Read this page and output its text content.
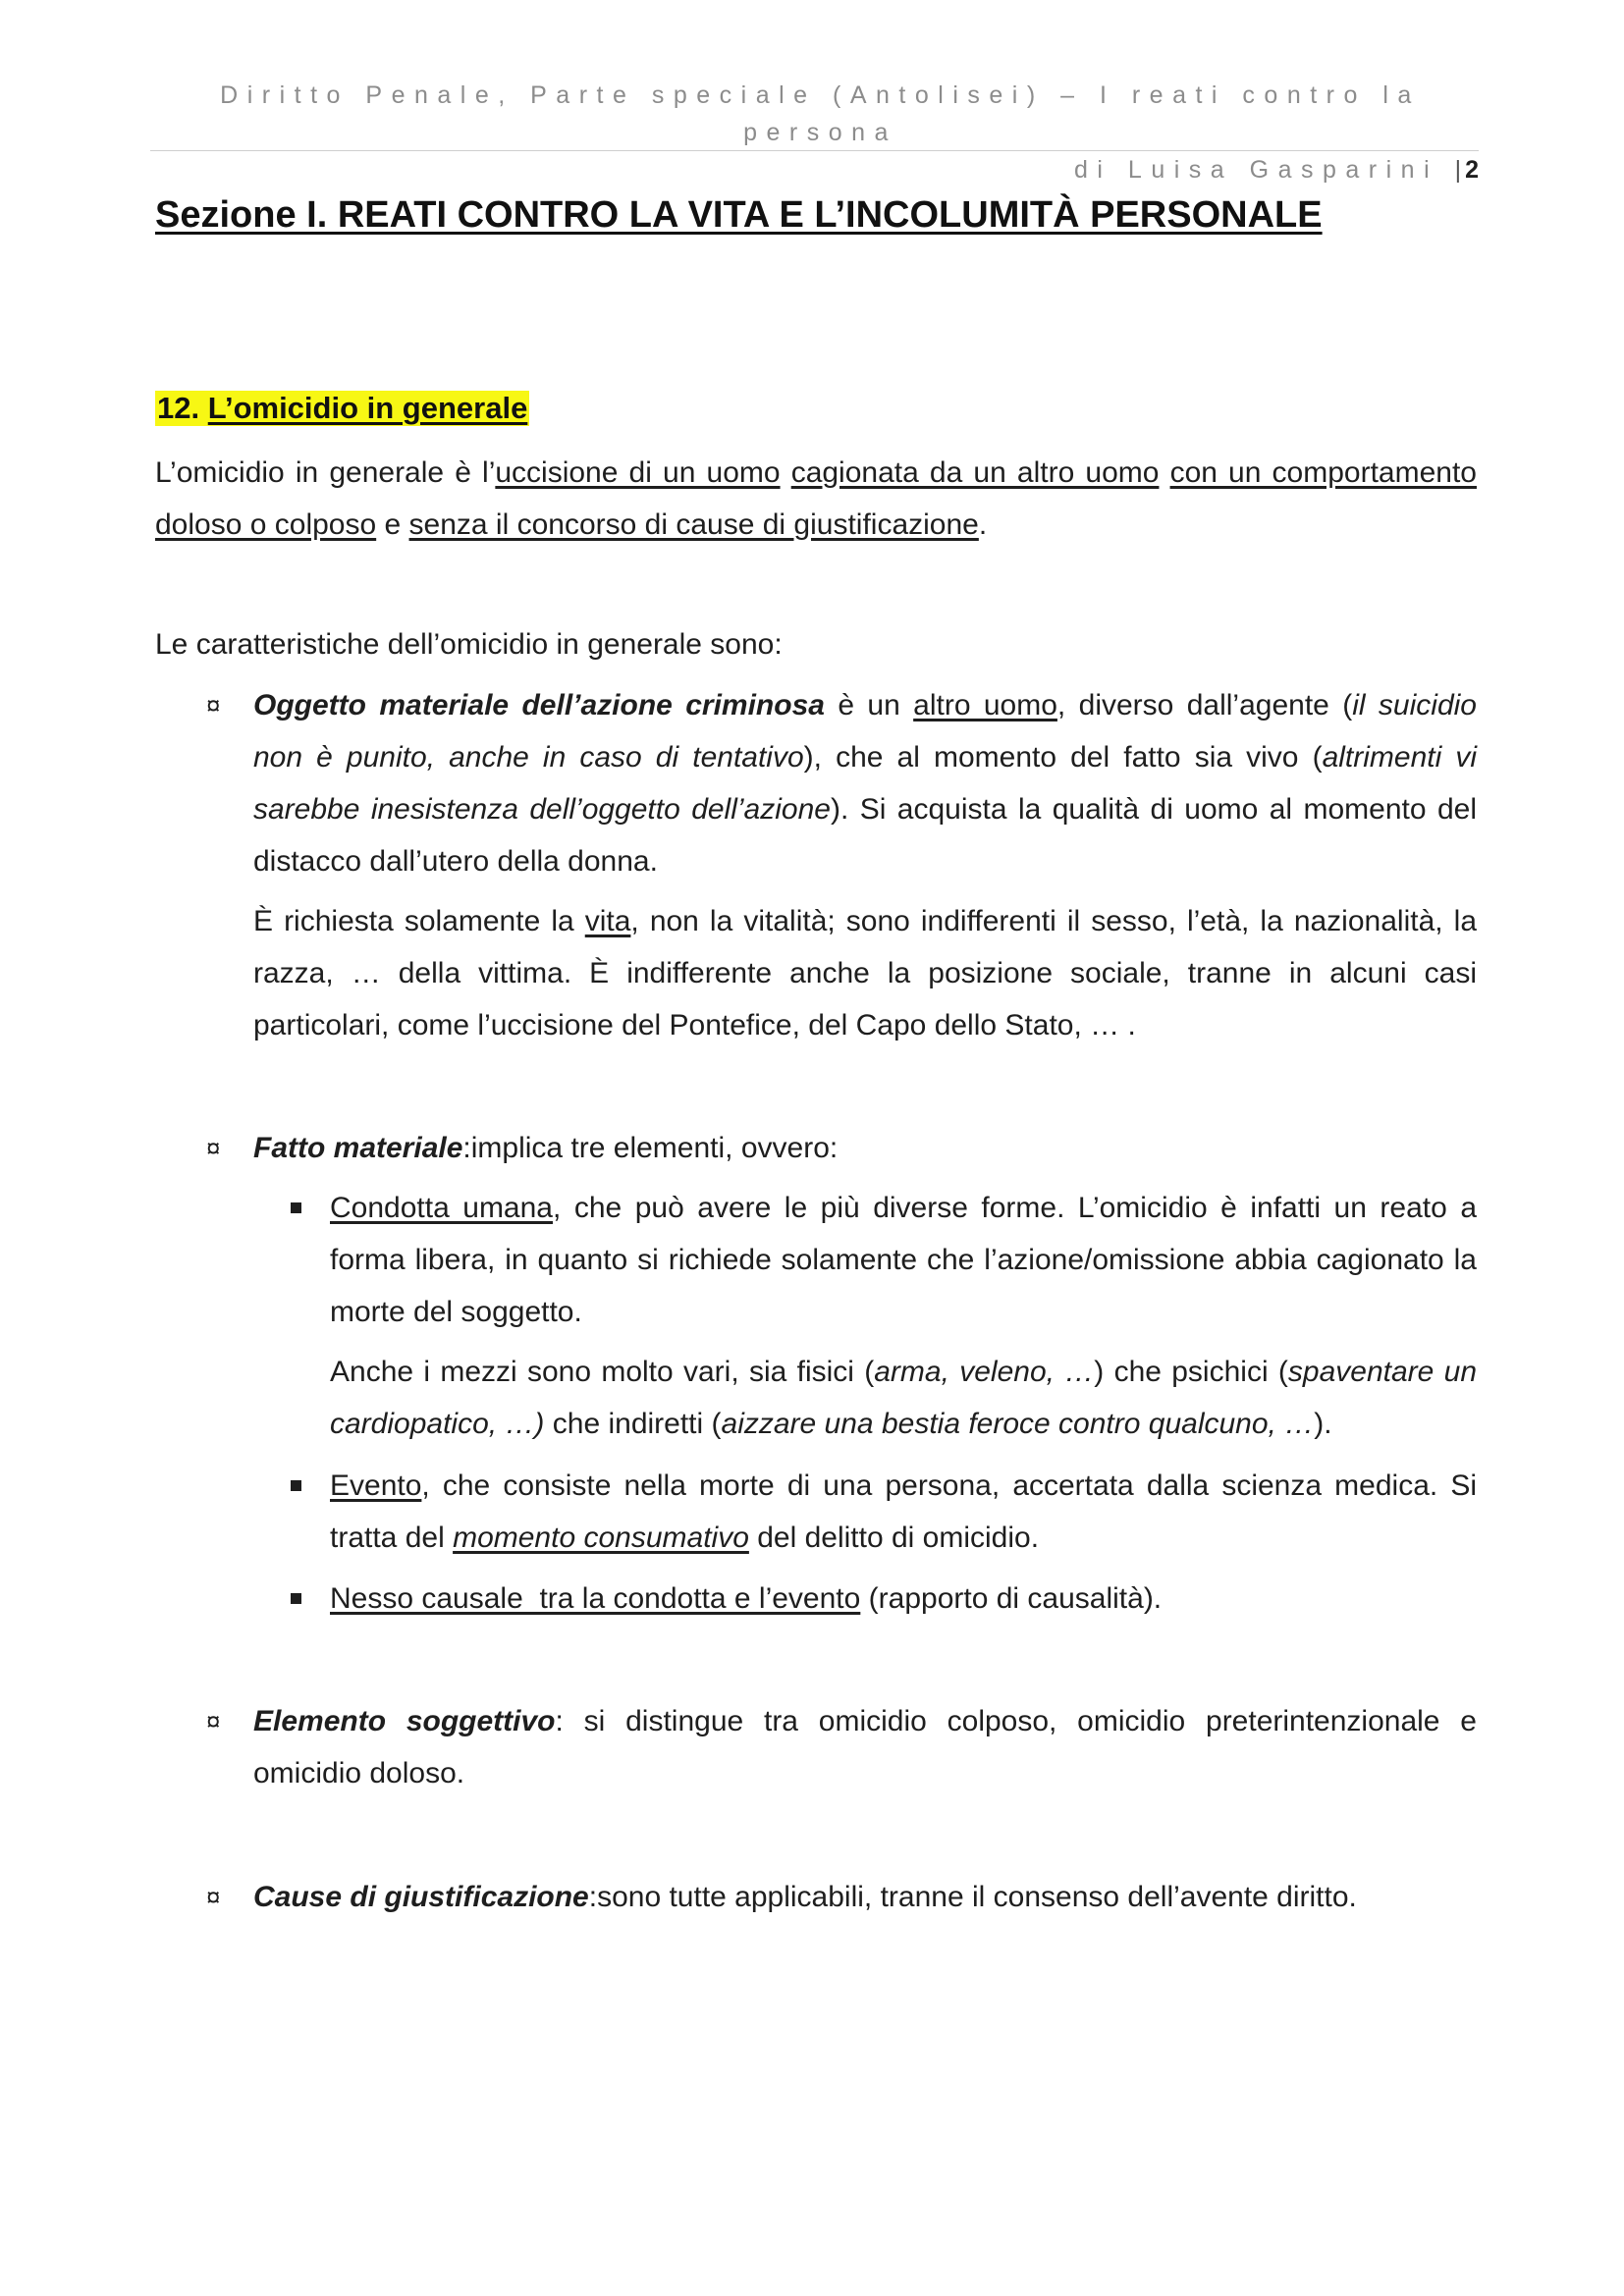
Diritto Penale, Parte speciale (Antolisei) – I reati contro la persona
di Luisa Gasparini | 2
Sezione I. REATI CONTRO LA VITA E L’INCOLUMITÀ PERSONALE
12. L’omicidio in generale
L’omicidio in generale è l’uccisione di un uomo cagionata da un altro uomo con un comportamento doloso o colposo e senza il concorso di cause di giustificazione.
Le caratteristiche dell’omicidio in generale sono:
¤ Oggetto materiale dell’azione criminosa è un altro uomo, diverso dall’agente (il suicidio non è punito, anche in caso di tentativo), che al momento del fatto sia vivo (altrimenti vi sarebbe inesistenza dell’oggetto dell’azione). Si acquista la qualità di uomo al momento del distacco dall’utero della donna.
È richiesta solamente la vita, non la vitalità; sono indifferenti il sesso, l’età, la nazionalità, la razza, … della vittima. È indifferente anche la posizione sociale, tranne in alcuni casi particolari, come l’uccisione del Pontefice, del Capo dello Stato, … .
¤ Fatto materiale:implica tre elementi, ovvero:
Condotta umana, che può avere le più diverse forme. L’omicidio è infatti un reato a forma libera, in quanto si richiede solamente che l’azione/omissione abbia cagionato la morte del soggetto.
Anche i mezzi sono molto vari, sia fisici (arma, veleno, …) che psichici (spaventare un cardiopatico, …) che indiretti (aizzare una bestia feroce contro qualcuno, …).
Evento, che consiste nella morte di una persona, accertata dalla scienza medica. Si tratta del momento consumativo del delitto di omicidio.
Nesso causale  tra la condotta e l’evento (rapporto di causalità).
¤ Elemento soggettivo: si distingue tra omicidio colposo, omicidio preterintenzionale e omicidio doloso.
¤ Cause di giustificazione:sono tutte applicabili, tranne il consenso dell’avente diritto.
